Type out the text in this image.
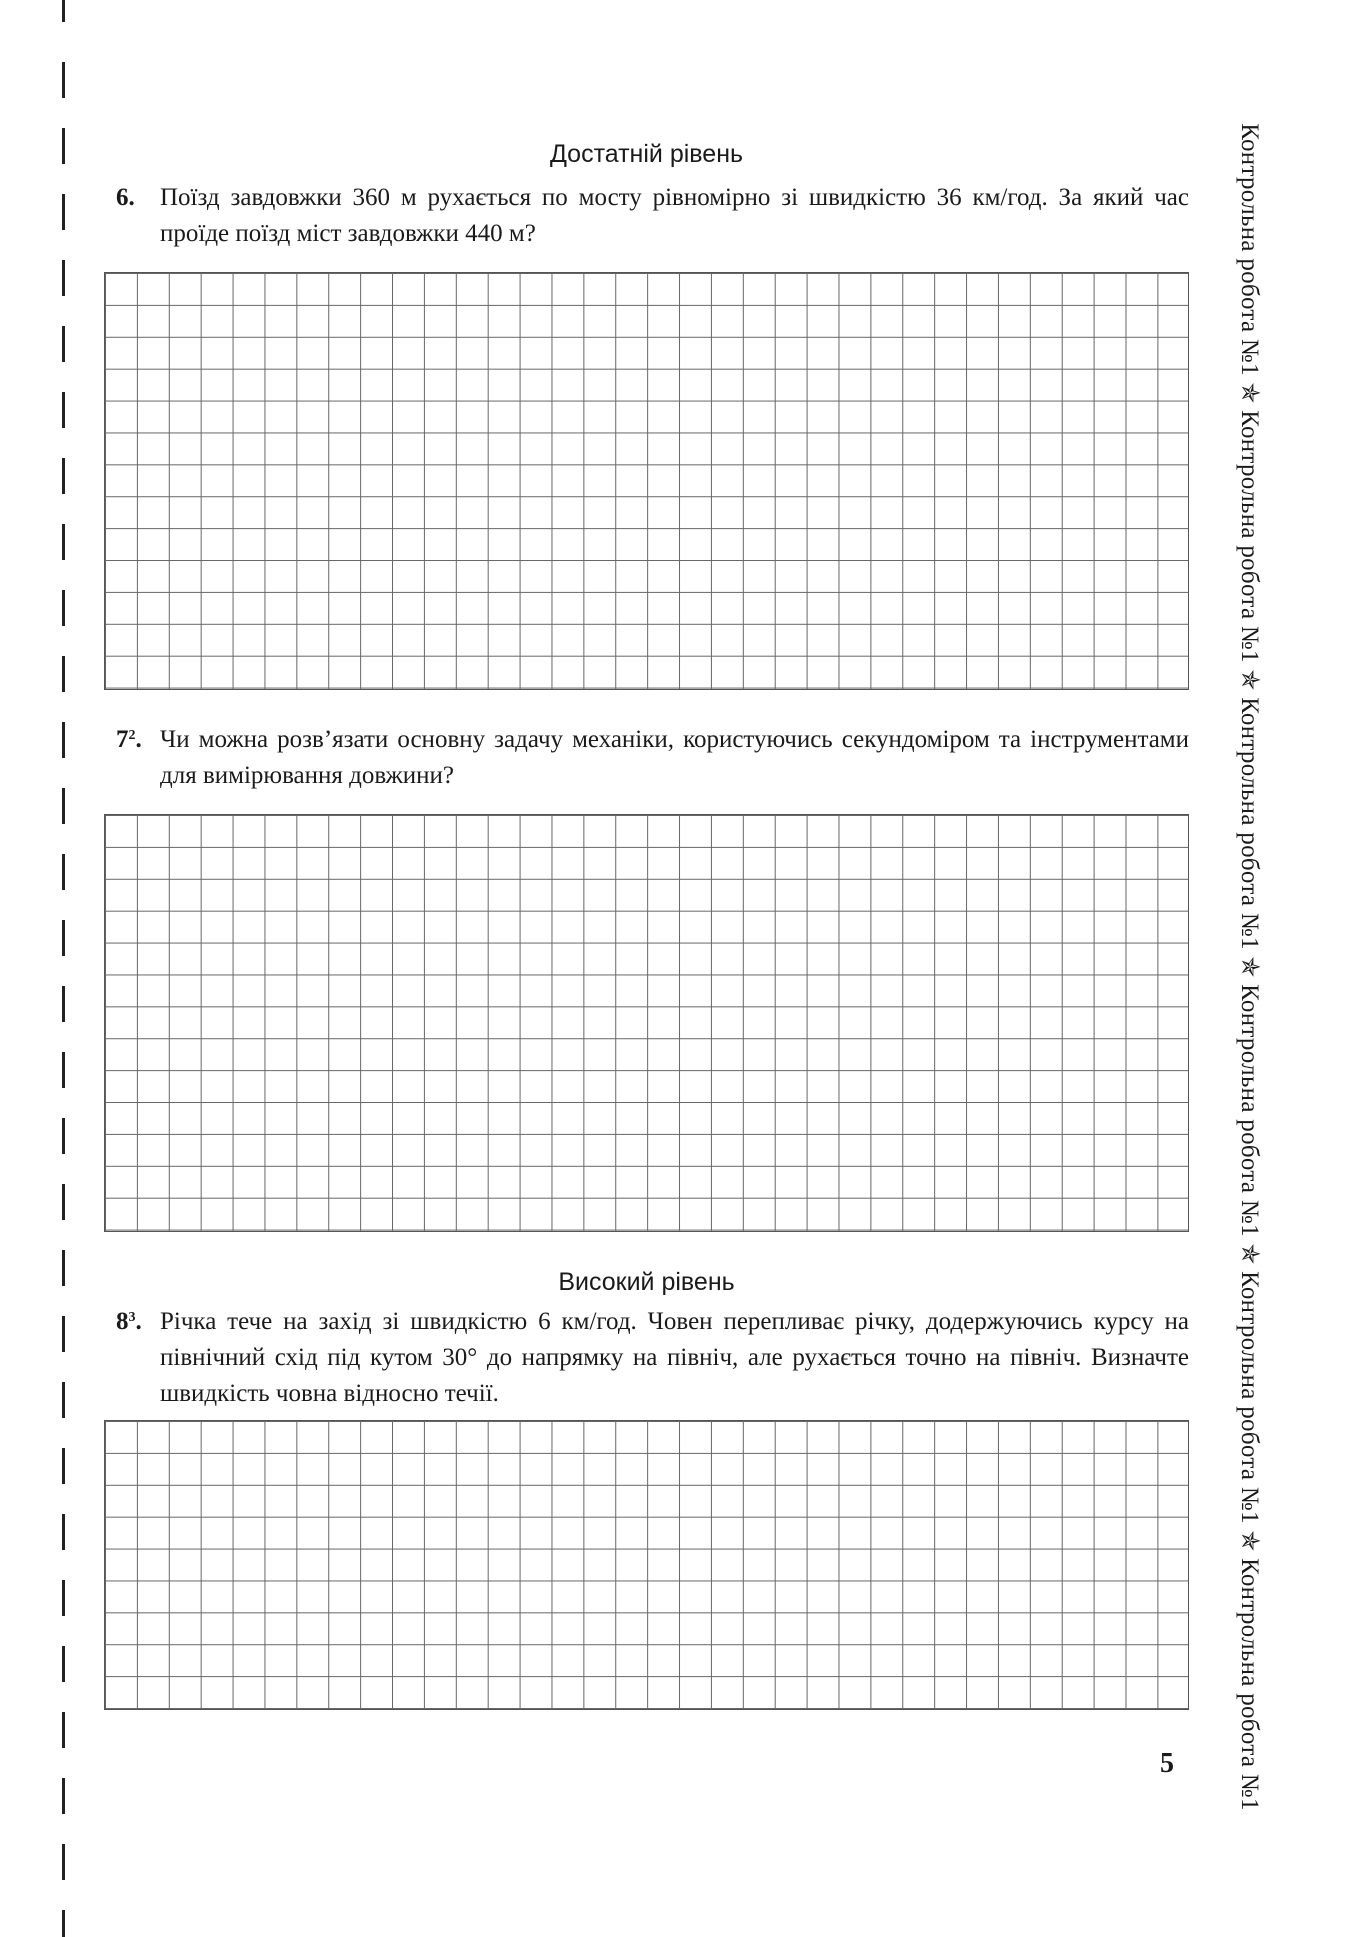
Достатній рівень
6. Поїзд завдовжки 360 м рухається по мосту рівномірно зі швидкістю 36 км/год. За який час проїде поїзд міст завдовжки 440 м?
$7^2$. Чи можна розв’язати основну задачу механіки, користуючись секундоміром та інструментами для вимірювання довжини?
Високий рівень
$8^3$. Річка тече на захід зі швидкістю 6 км/год. Човен перепливає річку, додержуючись курсу на північний схід під кутом 30° до напрямку на північ, але рухається точно на північ. Визначте швидкість човна відносно течії.	Контрольна робота №1 ✯ Контрольна робота №1 ✯ Контрольна робота №1 ✯ Контрольна робота №1 ✯ Контрольна робота №1 ✯ Контрольна робота №1
5
